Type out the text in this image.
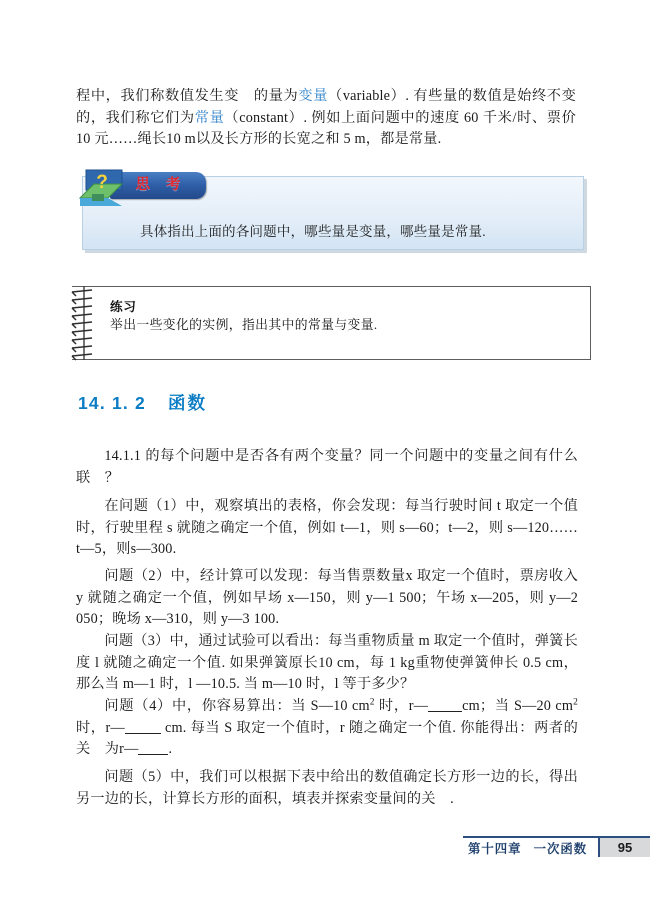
程中，我们称数值发生变　 的量为变量（variable）. 有些量的数值是始终不变的，我们称它们为常量（constant）. 例如上面问题中的速度 60 千米/时、票价 10 元……绳长10 m以及长方形的长宽之和 5 m，都是常量.
思 考
?
具体指出上面的各问题中，哪些量是变量，哪些量是常量.
练习
举出一些变化的实例，指出其中的常量与变量.
14. 1. 2 函数
14.1.1 的每个问题中是否各有两个变量？同一个问题中的变量之间有什么联　？
在问题（1）中，观察填出的表格，你会发现：每当行驶时间 t 取定一个值时，行驶里程 s 就随之确定一个值，例如 t—1，则 s—60；t—2，则 s—120……t—5，则s—300.
问题（2）中，经计算可以发现：每当售票数量x 取定一个值时，票房收入 y 就随之确定一个值，例如早场 x—150，则 y—1 500；午场 x—205，则 y—2 050；晚场 x—310，则 y—3 100.
问题（3）中，通过试验可以看出：每当重物质量 m 取定一个值时，弹簧长度 l 就随之确定一个值. 如果弹簧原长10 cm，每 1 kg重物使弹簧伸长 0.5 cm，那么当 m—1 时，l —10.5. 当 m—10 时，l 等于多少？
问题（4）中，你容易算出：当 S—10 $cm^2$ 时，r— cm；当 S—20 $cm^2$ 时，r—	cm. 每当 S 取定一个值时，r 随之确定一个值. 你能得出：两者的关　为r— .
问题（5）中，我们可以根据下表中给出的数值确定长方形一边的长，得出另一边的长，计算长方形的面积，填表并探索变量间的关　.
第十四章 一次函数	95
